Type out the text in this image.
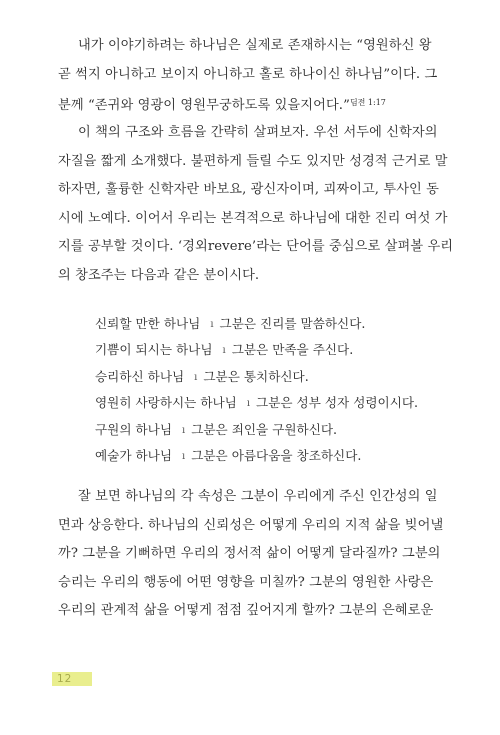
내가 이야기하려는 하나님은 실제로 존재하시는 “영원하신 왕
곧 썩지 아니하고 보이지 아니하고 홀로 하나이신 하나님”이다. 그
분께 “존귀와 영광이 영원무궁하도록 있을지어다.”$^{딤전 1:17}$

이 책의 구조와 흐름을 간략히 살펴보자. 우선 서두에 신학자의
자질을 짧게 소개했다. 불편하게 들릴 수도 있지만 성경적 근거로 말
하자면, 훌륭한 신학자란 바보요, 광신자이며, 괴짜이고, 투사인 동
시에 노예다. 이어서 우리는 본격적으로 하나님에 대한 진리 여섯 가
지를 공부할 것이다. ‘경외revere’라는 단어를 중심으로 살펴볼 우리
의 창조주는 다음과 같은 분이시다.

신뢰할 만한 하나님 ı 그분은 진리를 말씀하신다.
기쁨이 되시는 하나님 ı 그분은 만족을 주신다.
승리하신 하나님 ı 그분은 통치하신다.
영원히 사랑하시는 하나님 ı 그분은 성부 성자 성령이시다.
구원의 하나님 ı 그분은 죄인을 구원하신다.
예술가 하나님 ı 그분은 아름다움을 창조하신다.

잘 보면 하나님의 각 속성은 그분이 우리에게 주신 인간성의 일
면과 상응한다. 하나님의 신뢰성은 어떻게 우리의 지적 삶을 빚어낼
까? 그분을 기뻐하면 우리의 정서적 삶이 어떻게 달라질까? 그분의
승리는 우리의 행동에 어떤 영향을 미칠까? 그분의 영원한 사랑은
우리의 관계적 삶을 어떻게 점점 깊어지게 할까? 그분의 은혜로운

12
